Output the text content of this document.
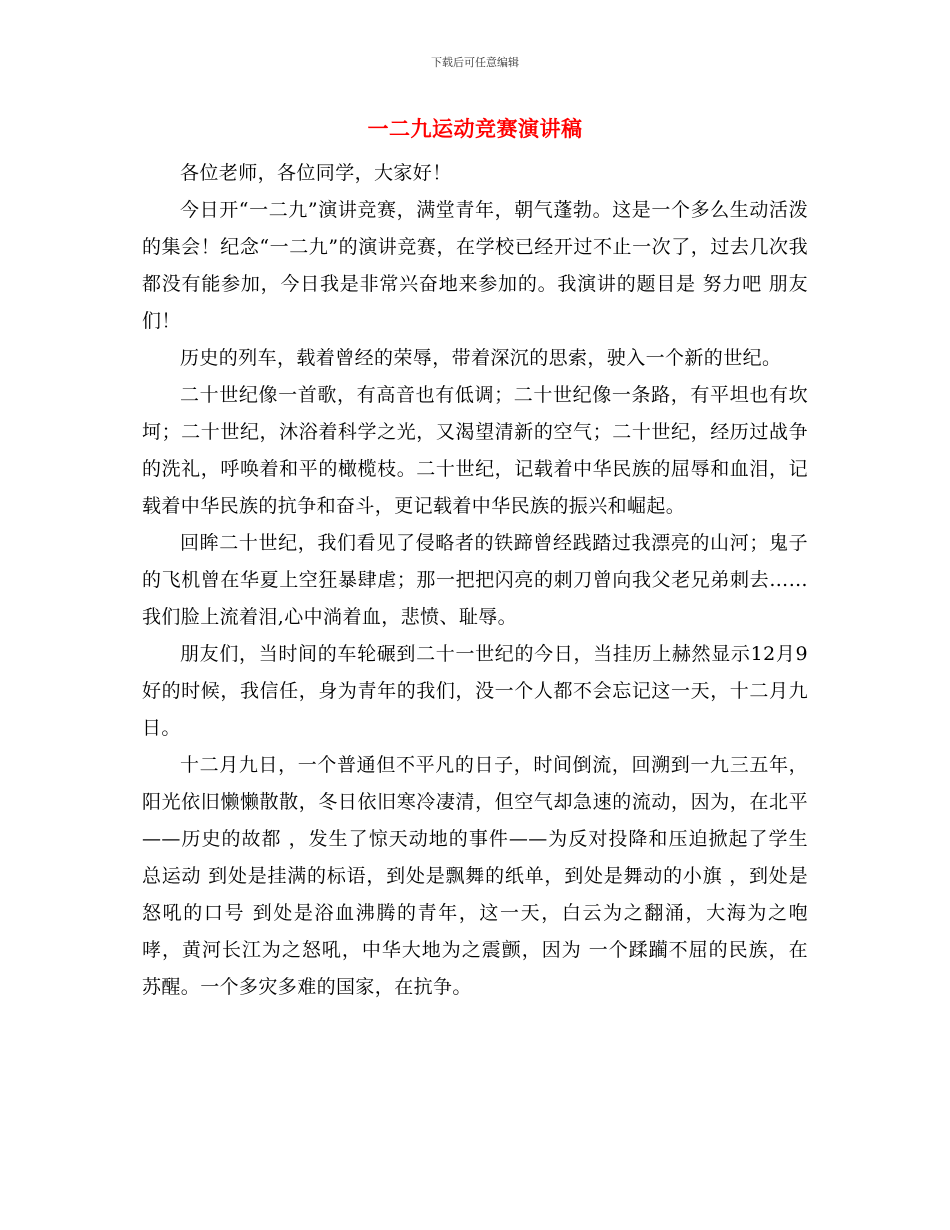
下载后可任意编辑
一二九运动竞赛演讲稿

各位老师，各位同学，大家好！

今日开“一二九”演讲竞赛，满堂青年，朝气蓬勃。这是一个多么生动活泼的集会！纪念“一二九”的演讲竞赛，在学校已经开过不止一次了，过去几次我都没有能参加，今日我是非常兴奋地来参加的。我演讲的题目是 努力吧 朋友们！

历史的列车，载着曾经的荣辱，带着深沉的思索，驶入一个新的世纪。

二十世纪像一首歌，有高音也有低调；二十世纪像一条路，有平坦也有坎坷；二十世纪，沐浴着科学之光，又渴望清新的空气；二十世纪，经历过战争的洗礼，呼唤着和平的橄榄枝。二十世纪，记载着中华民族的屈辱和血泪，记载着中华民族的抗争和奋斗，更记载着中华民族的振兴和崛起。

回眸二十世纪，我们看见了侵略者的铁蹄曾经践踏过我漂亮的山河；鬼子的飞机曾在华夏上空狂暴肆虐；那一把把闪亮的刺刀曾向我父老兄弟刺去……我们脸上流着泪,心中淌着血，悲愤、耻辱。

朋友们，当时间的车轮碾到二十一世纪的今日，当挂历上赫然显示12月9好的时候，我信任，身为青年的我们，没一个人都不会忘记这一天，十二月九日。

十二月九日，一个普通但不平凡的日子，时间倒流，回溯到一九三五年，阳光依旧懒懒散散，冬日依旧寒冷凄清，但空气却急速的流动，因为，在北平——历史的故都 ，发生了惊天动地的事件——为反对投降和压迫掀起了学生总运动 到处是挂满的标语，到处是飘舞的纸单，到处是舞动的小旗 ，到处是怒吼的口号 到处是浴血沸腾的青年，这一天，白云为之翻涌，大海为之咆哮，黄河长江为之怒吼，中华大地为之震颤，因为 一个蹂躏不屈的民族，在苏醒。一个多灾多难的国家，在抗争。
